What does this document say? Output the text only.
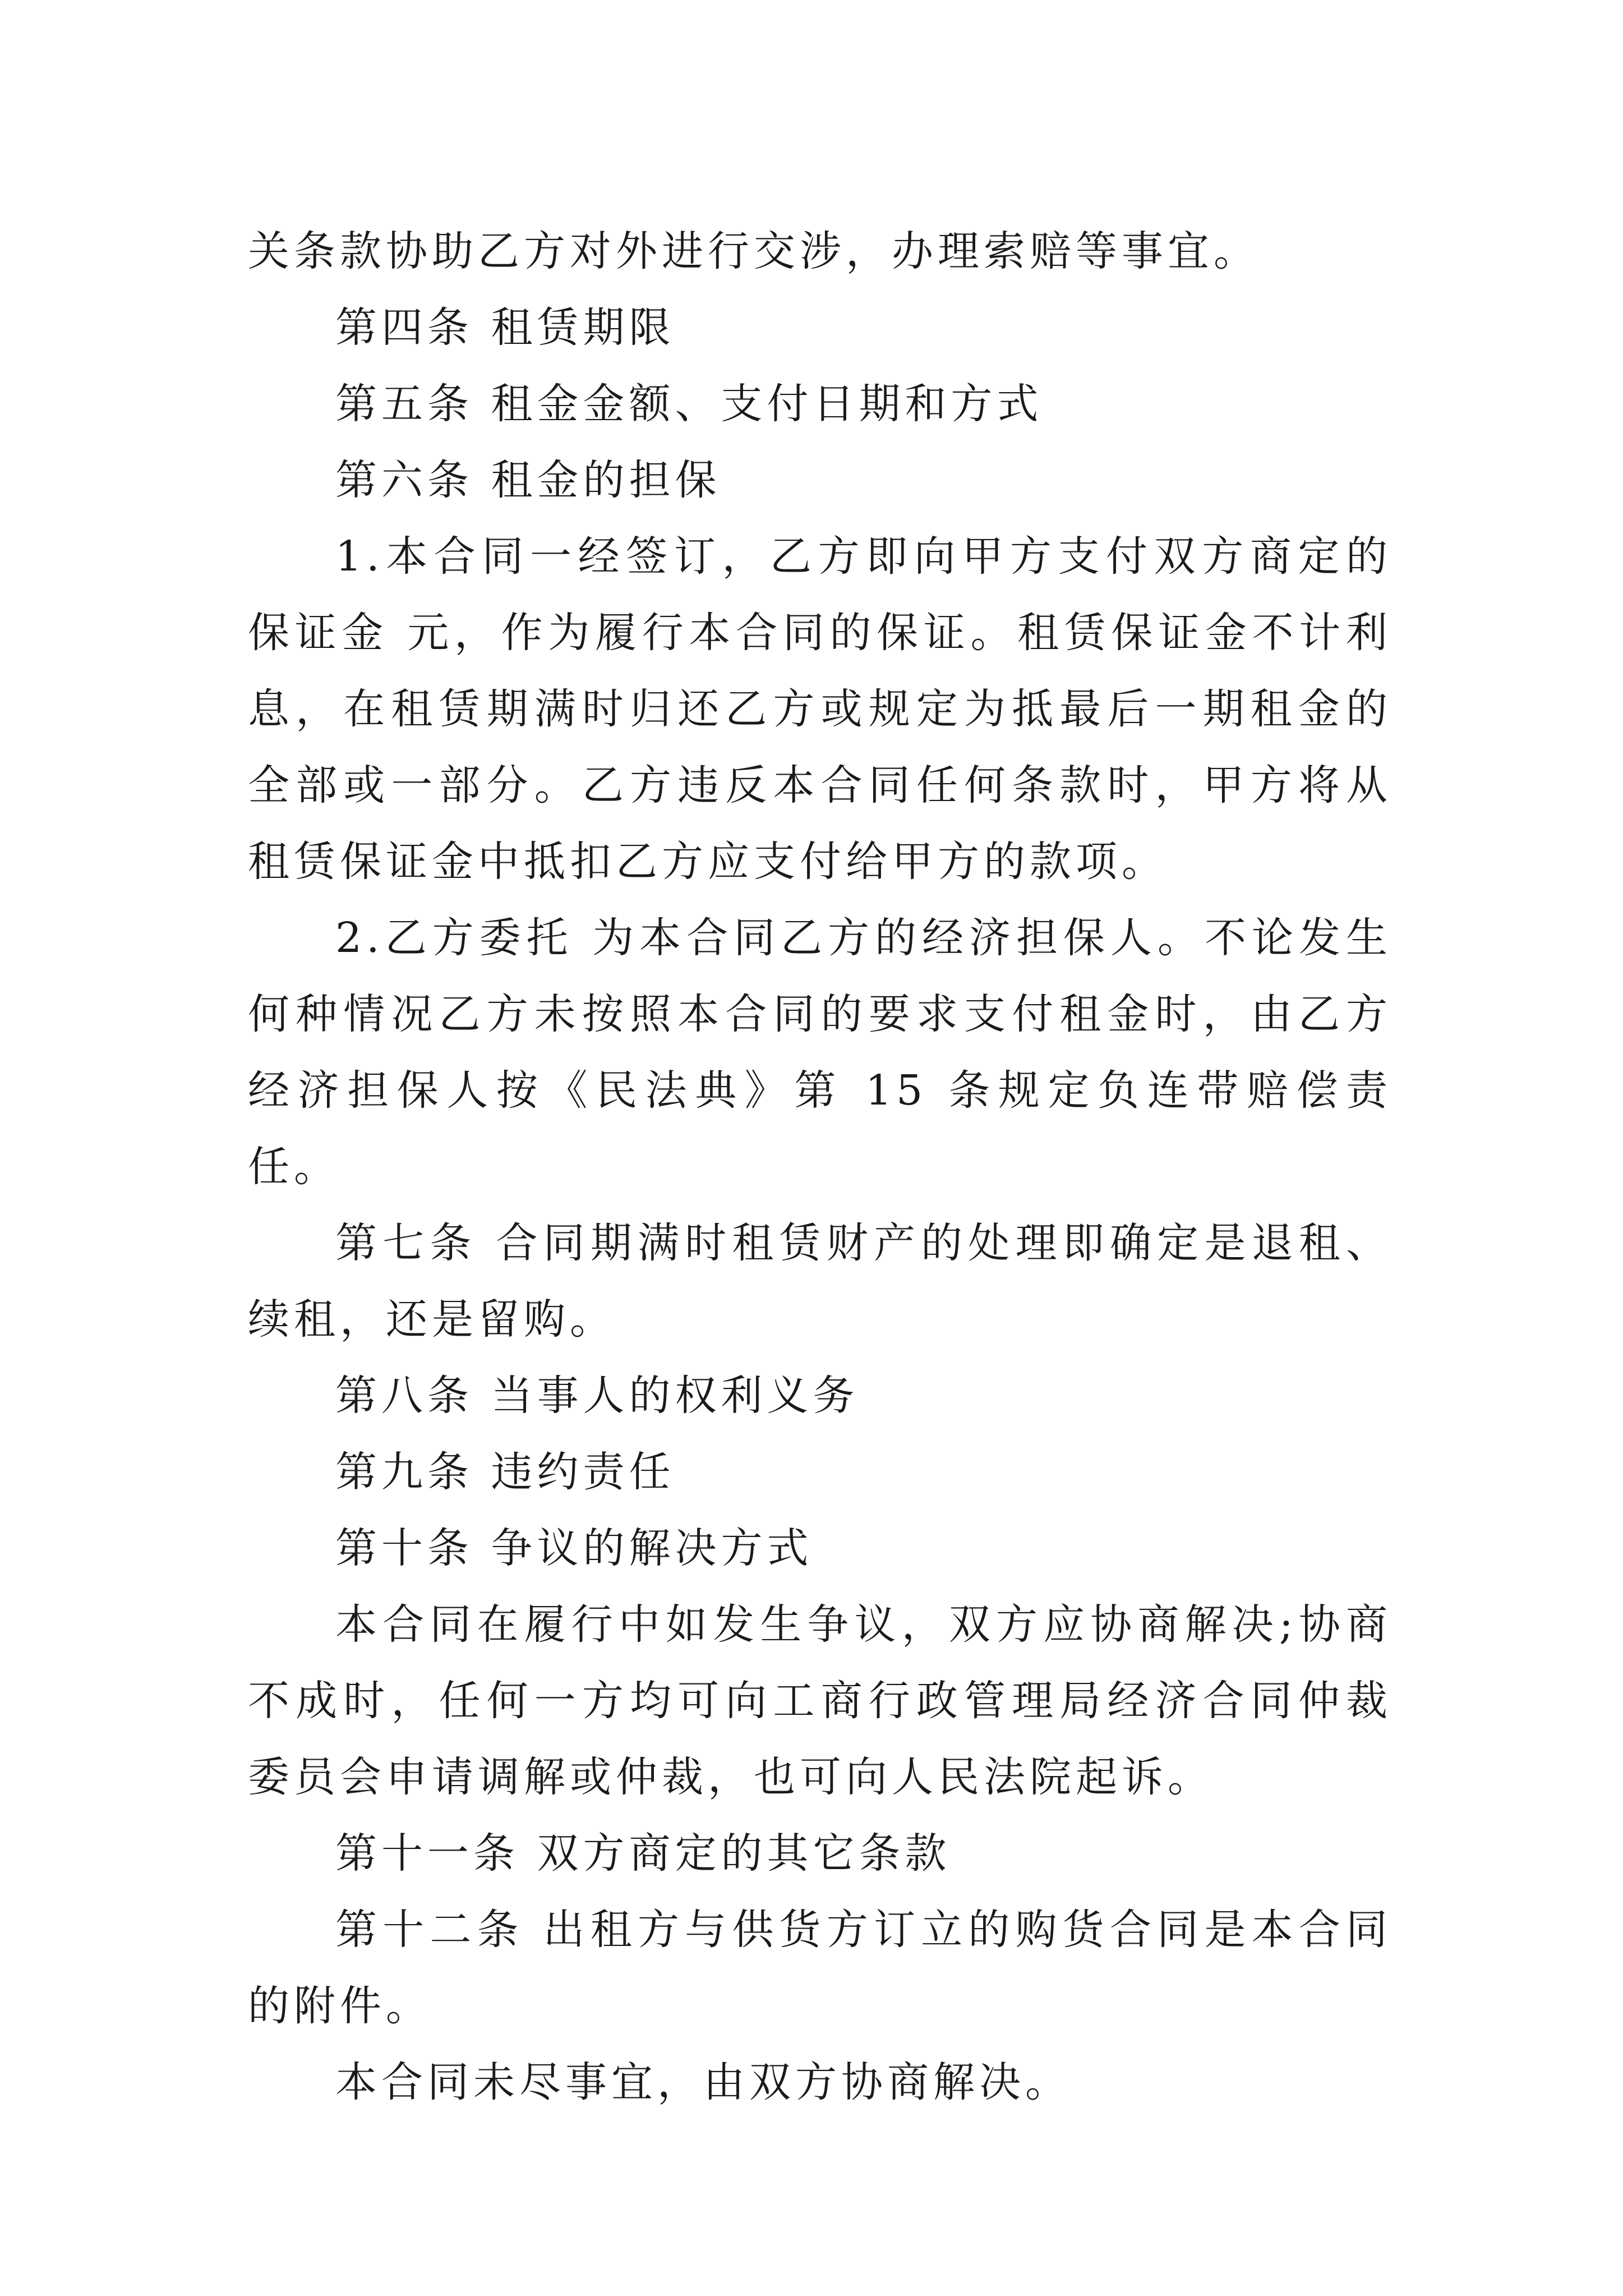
关条款协助乙方对外进行交涉，办理索赔等事宜。

第四条 租赁期限

第五条 租金金额、支付日期和方式

第六条 租金的担保

1.本合同一经签订，乙方即向甲方支付双方商定的保证金 元，作为履行本合同的保证。租赁保证金不计利息，在租赁期满时归还乙方或规定为抵最后一期租金的全部或一部分。乙方违反本合同任何条款时，甲方将从租赁保证金中抵扣乙方应支付给甲方的款项。

2.乙方委托 为本合同乙方的经济担保人。不论发生何种情况乙方未按照本合同的要求支付租金时，由乙方经济担保人按《民法典》第 15 条规定负连带赔偿责任。

第七条 合同期满时租赁财产的处理即确定是退租、续租，还是留购。

第八条 当事人的权利义务

第九条 违约责任

第十条 争议的解决方式

本合同在履行中如发生争议，双方应协商解决;协商不成时，任何一方均可向工商行政管理局经济合同仲裁委员会申请调解或仲裁，也可向人民法院起诉。

第十一条 双方商定的其它条款

第十二条 出租方与供货方订立的购货合同是本合同的附件。

本合同未尽事宜，由双方协商解决。
